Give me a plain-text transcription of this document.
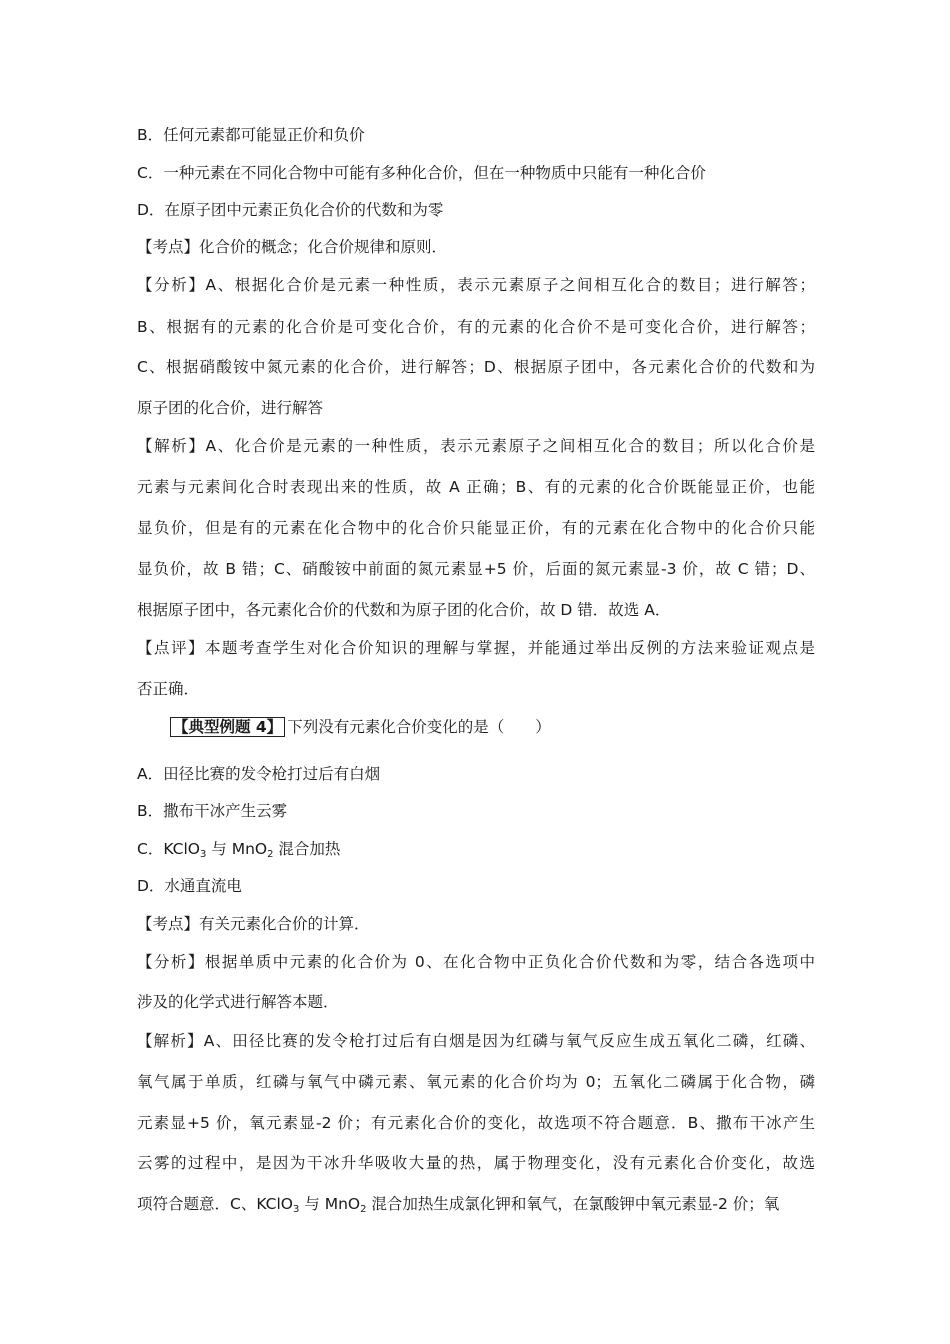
B．任何元素都可能显正价和负价
C．一种元素在不同化合物中可能有多种化合价，但在一种物质中只能有一种化合价
D．在原子团中元素正负化合价的代数和为零
【考点】化合价的概念；化合价规律和原则．
【分析】A、根据化合价是元素一种性质，表示元素原子之间相互化合的数目；进行解答；
B、根据有的元素的化合价是可变化合价，有的元素的化合价不是可变化合价，进行解答；
C、根据硝酸铵中氮元素的化合价，进行解答；D、根据原子团中，各元素化合价的代数和为
原子团的化合价，进行解答
【解析】A、化合价是元素的一种性质，表示元素原子之间相互化合的数目；所以化合价是
元素与元素间化合时表现出来的性质，故 A 正确；B、有的元素的化合价既能显正价，也能
显负价，但是有的元素在化合物中的化合价只能显正价，有的元素在化合物中的化合价只能
显负价，故 B 错；C、硝酸铵中前面的氮元素显+5 价，后面的氮元素显-3 价，故 C 错；D、
根据原子团中，各元素化合价的代数和为原子团的化合价，故 D 错．故选 A．
【点评】本题考查学生对化合价知识的理解与掌握，并能通过举出反例的方法来验证观点是
否正确．
【典型例题 4】 下列没有元素化合价变化的是（　　）
A．田径比赛的发令枪打过后有白烟
B．撒布干冰产生云雾
C．KClO$_3$ 与 MnO$_2$ 混合加热
D．水通直流电
【考点】有关元素化合价的计算．
【分析】根据单质中元素的化合价为 0、在化合物中正负化合价代数和为零，结合各选项中
涉及的化学式进行解答本题．
【解析】A、田径比赛的发令枪打过后有白烟是因为红磷与氧气反应生成五氧化二磷，红磷、
氧气属于单质，红磷与氧气中磷元素、氧元素的化合价均为 0；五氧化二磷属于化合物，磷
元素显+5 价，氧元素显-2 价；有元素化合价的变化，故选项不符合题意．B、撒布干冰产生
云雾的过程中，是因为干冰升华吸收大量的热，属于物理变化，没有元素化合价变化，故选
项符合题意．C、KClO$_3$ 与 MnO$_2$ 混合加热生成氯化钾和氧气，在氯酸钾中氧元素显-2 价；氧
